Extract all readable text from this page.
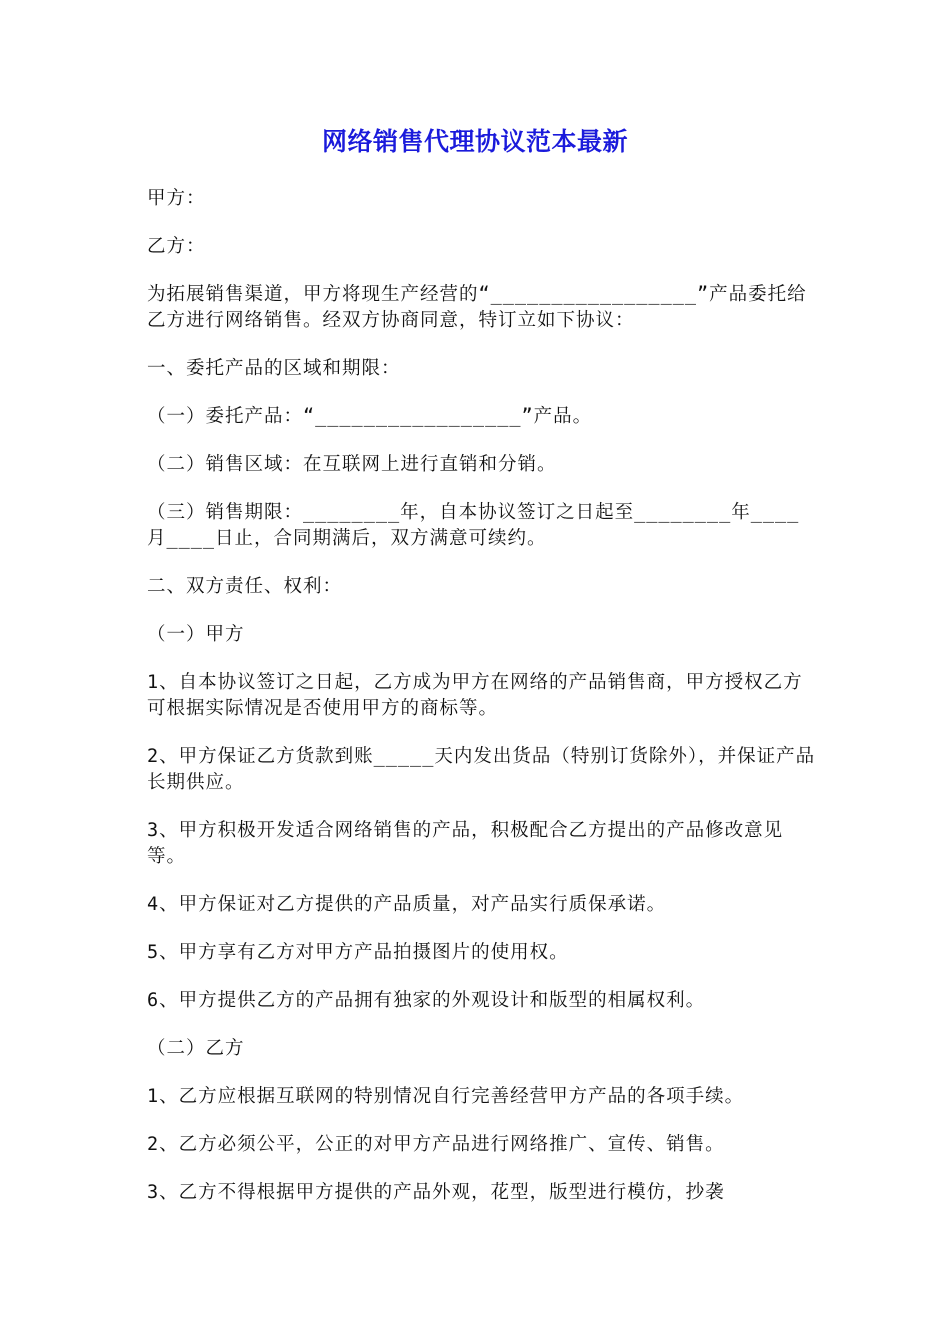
网络销售代理协议范本最新

甲方：

乙方：

为拓展销售渠道，甲方将现生产经营的“_________________”产品委托给乙方进行网络销售。经双方协商同意，特订立如下协议：

一、委托产品的区域和期限：

（一）委托产品：“_________________”产品。

（二）销售区域：在互联网上进行直销和分销。

（三）销售期限：________年，自本协议签订之日起至________年____月____日止，合同期满后，双方满意可续约。

二、双方责任、权利：

（一）甲方

1、自本协议签订之日起，乙方成为甲方在网络的产品销售商，甲方授权乙方可根据实际情况是否使用甲方的商标等。

2、甲方保证乙方货款到账_____天内发出货品（特别订货除外），并保证产品长期供应。

3、甲方积极开发适合网络销售的产品，积极配合乙方提出的产品修改意见等。

4、甲方保证对乙方提供的产品质量，对产品实行质保承诺。

5、甲方享有乙方对甲方产品拍摄图片的使用权。

6、甲方提供乙方的产品拥有独家的外观设计和版型的相属权利。

（二）乙方

1、乙方应根据互联网的特别情况自行完善经营甲方产品的各项手续。

2、乙方必须公平，公正的对甲方产品进行网络推广、宣传、销售。

3、乙方不得根据甲方提供的产品外观，花型，版型进行模仿，抄袭
